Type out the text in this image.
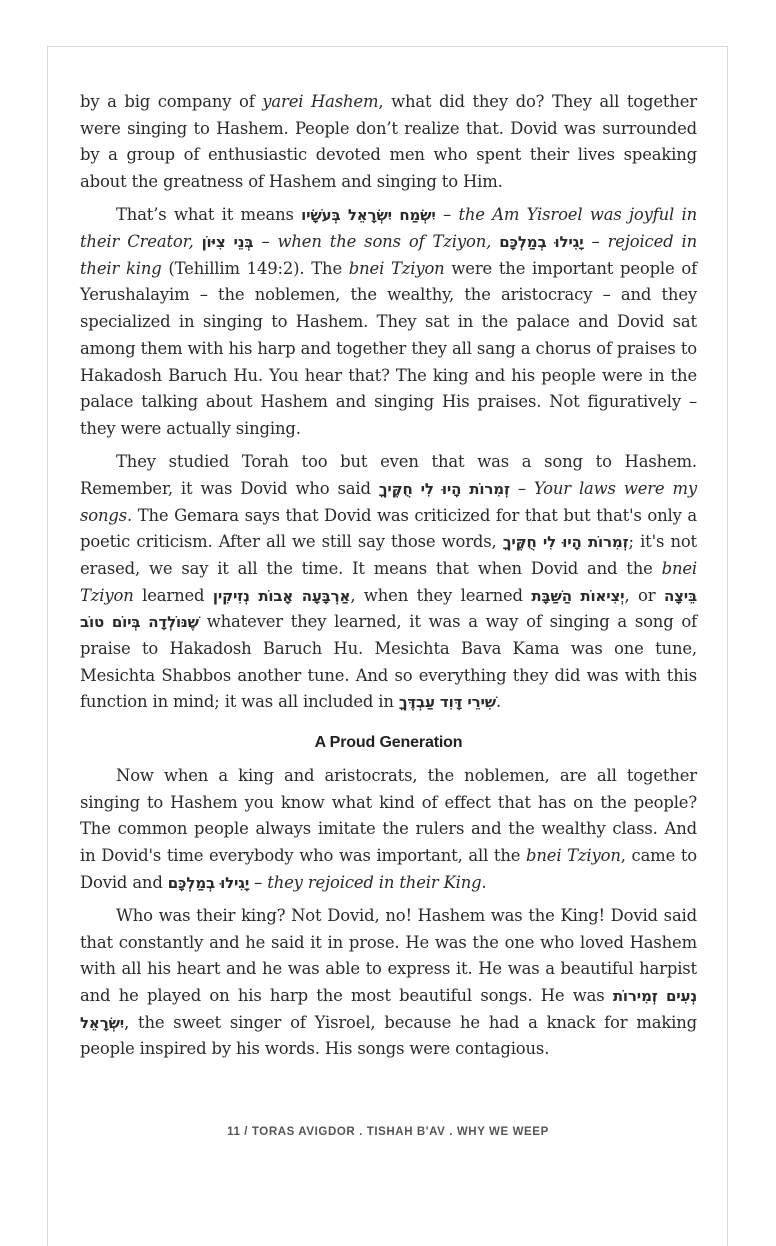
by a big company of yarei Hashem, what did they do? They all together were singing to Hashem. People don’t realize that. Dovid was surrounded by a group of enthusiastic devoted men who spent their lives speaking about the greatness of Hashem and singing to Him.

That’s what it means יִשְׂמַח יִשְׂרָאֵל בְּעֹשָׂיו – the Am Yisroel was joyful in their Creator, בְּנֵי צִיּוֹן – when the sons of Tziyon, יָגִילוּ בְמַלְכָּם – rejoiced in their king (Tehillim 149:2). The bnei Tziyon were the important people of Yerushalayim – the noblemen, the wealthy, the aristocracy – and they specialized in singing to Hashem. They sat in the palace and Dovid sat among them with his harp and together they all sang a chorus of praises to Hakadosh Baruch Hu. You hear that? The king and his people were in the palace talking about Hashem and singing His praises. Not figuratively – they were actually singing.

They studied Torah too but even that was a song to Hashem. Remember, it was Dovid who said זְמִרוֹת הָיוּ לִי חֻקֶּיךָ – Your laws were my songs. The Gemara says that Dovid was criticized for that but that's only a poetic criticism. After all we still say those words, זְמִרוֹת הָיוּ לִי חֻקֶּיךָ; it's not erased, we say it all the time. It means that when Dovid and the bnei Tziyon learned אַרְבָּעָה אָבוֹת נְזִיקִין, when they learned יְצִיאוֹת הַשַּׁבָּת, or בֵּיצָה שֶׁנּוֹלְדָה בְּיוֹם טוֹב whatever they learned, it was a way of singing a song of praise to Hakadosh Baruch Hu. Mesichta Bava Kama was one tune, Mesichta Shabbos another tune. And so everything they did was with this function in mind; it was all included in שִׁירֵי דָּוִד עַבְדֶּךָ.

A Proud Generation

Now when a king and aristocrats, the noblemen, are all together singing to Hashem you know what kind of effect that has on the people? The common people always imitate the rulers and the wealthy class. And in Dovid's time everybody who was important, all the bnei Tziyon, came to Dovid and יָגִילוּ בְמַלְכָּם – they rejoiced in their King.

Who was their king? Not Dovid, no! Hashem was the King! Dovid said that constantly and he said it in prose. He was the one who loved Hashem with all his heart and he was able to express it. He was a beautiful harpist and he played on his harp the most beautiful songs. He was נְעִים זְמִירוֹת יִשְׂרָאֵל, the sweet singer of Yisroel, because he had a knack for making people inspired by his words. His songs were contagious.

11 / TORAS AVIGDOR . TISHAH B'AV . WHY WE WEEP
